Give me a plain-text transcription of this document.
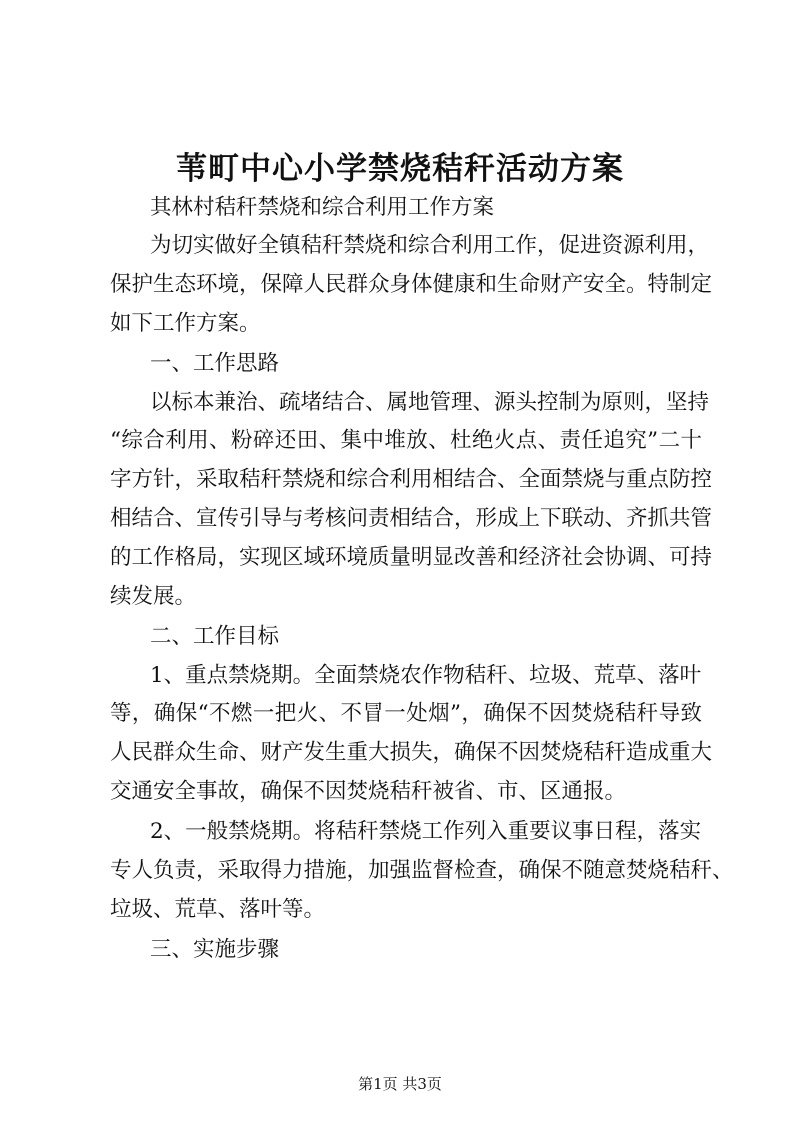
苇町中心小学禁烧秸秆活动方案
其林村秸秆禁烧和综合利用工作方案
为切实做好全镇秸秆禁烧和综合利用工作，促进资源利用，
保护生态环境，保障人民群众身体健康和生命财产安全。特制定
如下工作方案。
一、工作思路
以标本兼治、疏堵结合、属地管理、源头控制为原则，坚持
“综合利用、粉碎还田、集中堆放、杜绝火点、责任追究”二十
字方针，采取秸秆禁烧和综合利用相结合、全面禁烧与重点防控
相结合、宣传引导与考核问责相结合，形成上下联动、齐抓共管
的工作格局，实现区域环境质量明显改善和经济社会协调、可持
续发展。
二、工作目标
1、重点禁烧期。全面禁烧农作物秸秆、垃圾、荒草、落叶
等，确保“不燃一把火、不冒一处烟”，确保不因焚烧秸秆导致
人民群众生命、财产发生重大损失，确保不因焚烧秸秆造成重大
交通安全事故，确保不因焚烧秸秆被省、市、区通报。
2、一般禁烧期。将秸秆禁烧工作列入重要议事日程，落实
专人负责，采取得力措施，加强监督检查，确保不随意焚烧秸秆、
垃圾、荒草、落叶等。
三、实施步骤
第1页 共3页
